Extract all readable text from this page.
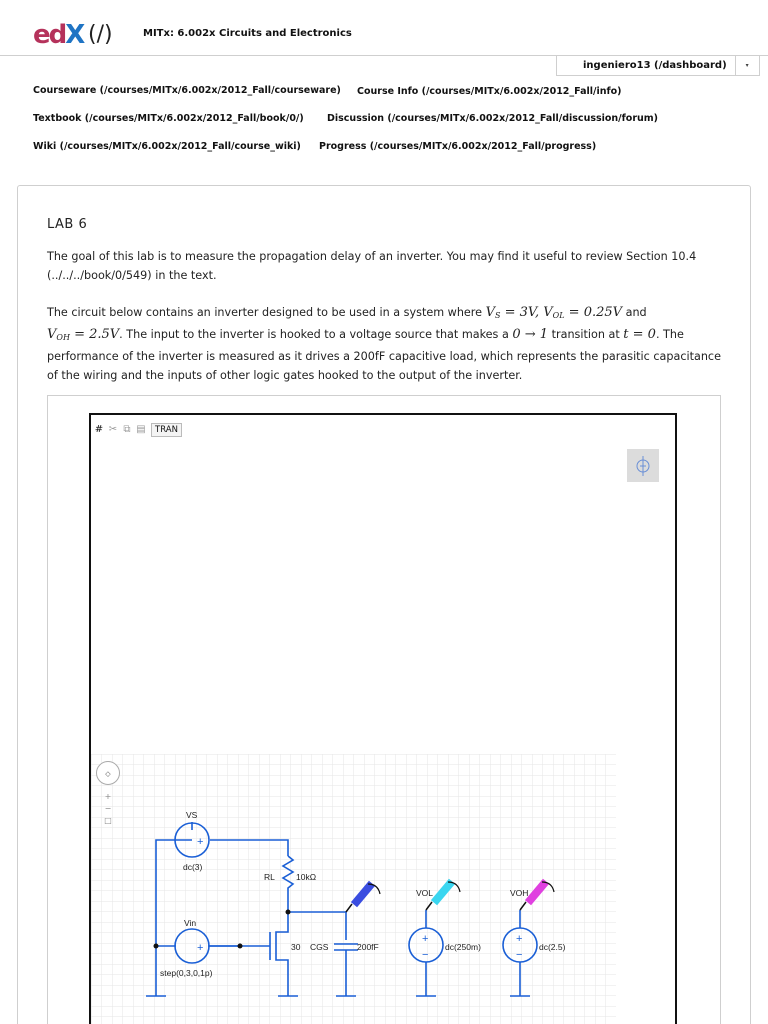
edX (/)	MITx: 6.002x Circuits and Electronics
ingeniero13 (/dashboard)	▾
Courseware (/courses/MITx/6.002x/2012_Fall/courseware) Course Info (/courses/MITx/6.002x/2012_Fall/info)
Textbook (/courses/MITx/6.002x/2012_Fall/book/0/) Discussion (/courses/MITx/6.002x/2012_Fall/discussion/forum)
Wiki (/courses/MITx/6.002x/2012_Fall/course_wiki) Progress (/courses/MITx/6.002x/2012_Fall/progress)
LAB 6
The goal of this lab is to measure the propagation delay of an inverter. You may find it useful to review Section 10.4
(../../../book/0/549) in the text.
The circuit below contains an inverter designed to be used in a system where $V_S = 3V$, $V_{OL} = 0.25V$ and
$V_{OH} = 2.5V$. The input to the inverter is hooked to a voltage source that makes a 0 → 1 transition at t = 0. The
performance of the inverter is measured as it drives a 200fF capacitive load, which represents the parasitic capacitance
of the wiring and the inputs of other logic gates hooked to the output of the inverter.
# ✂ ⧉ ▤	TRAN
VS
dc(3)
RL 10kΩ
Vin
step(0,3,0,1p)
30 CGS	200fF
VOL
dc(250m)
VOH
dc(2.5)
+
+
+
−
+
−
◇
+
−
□
